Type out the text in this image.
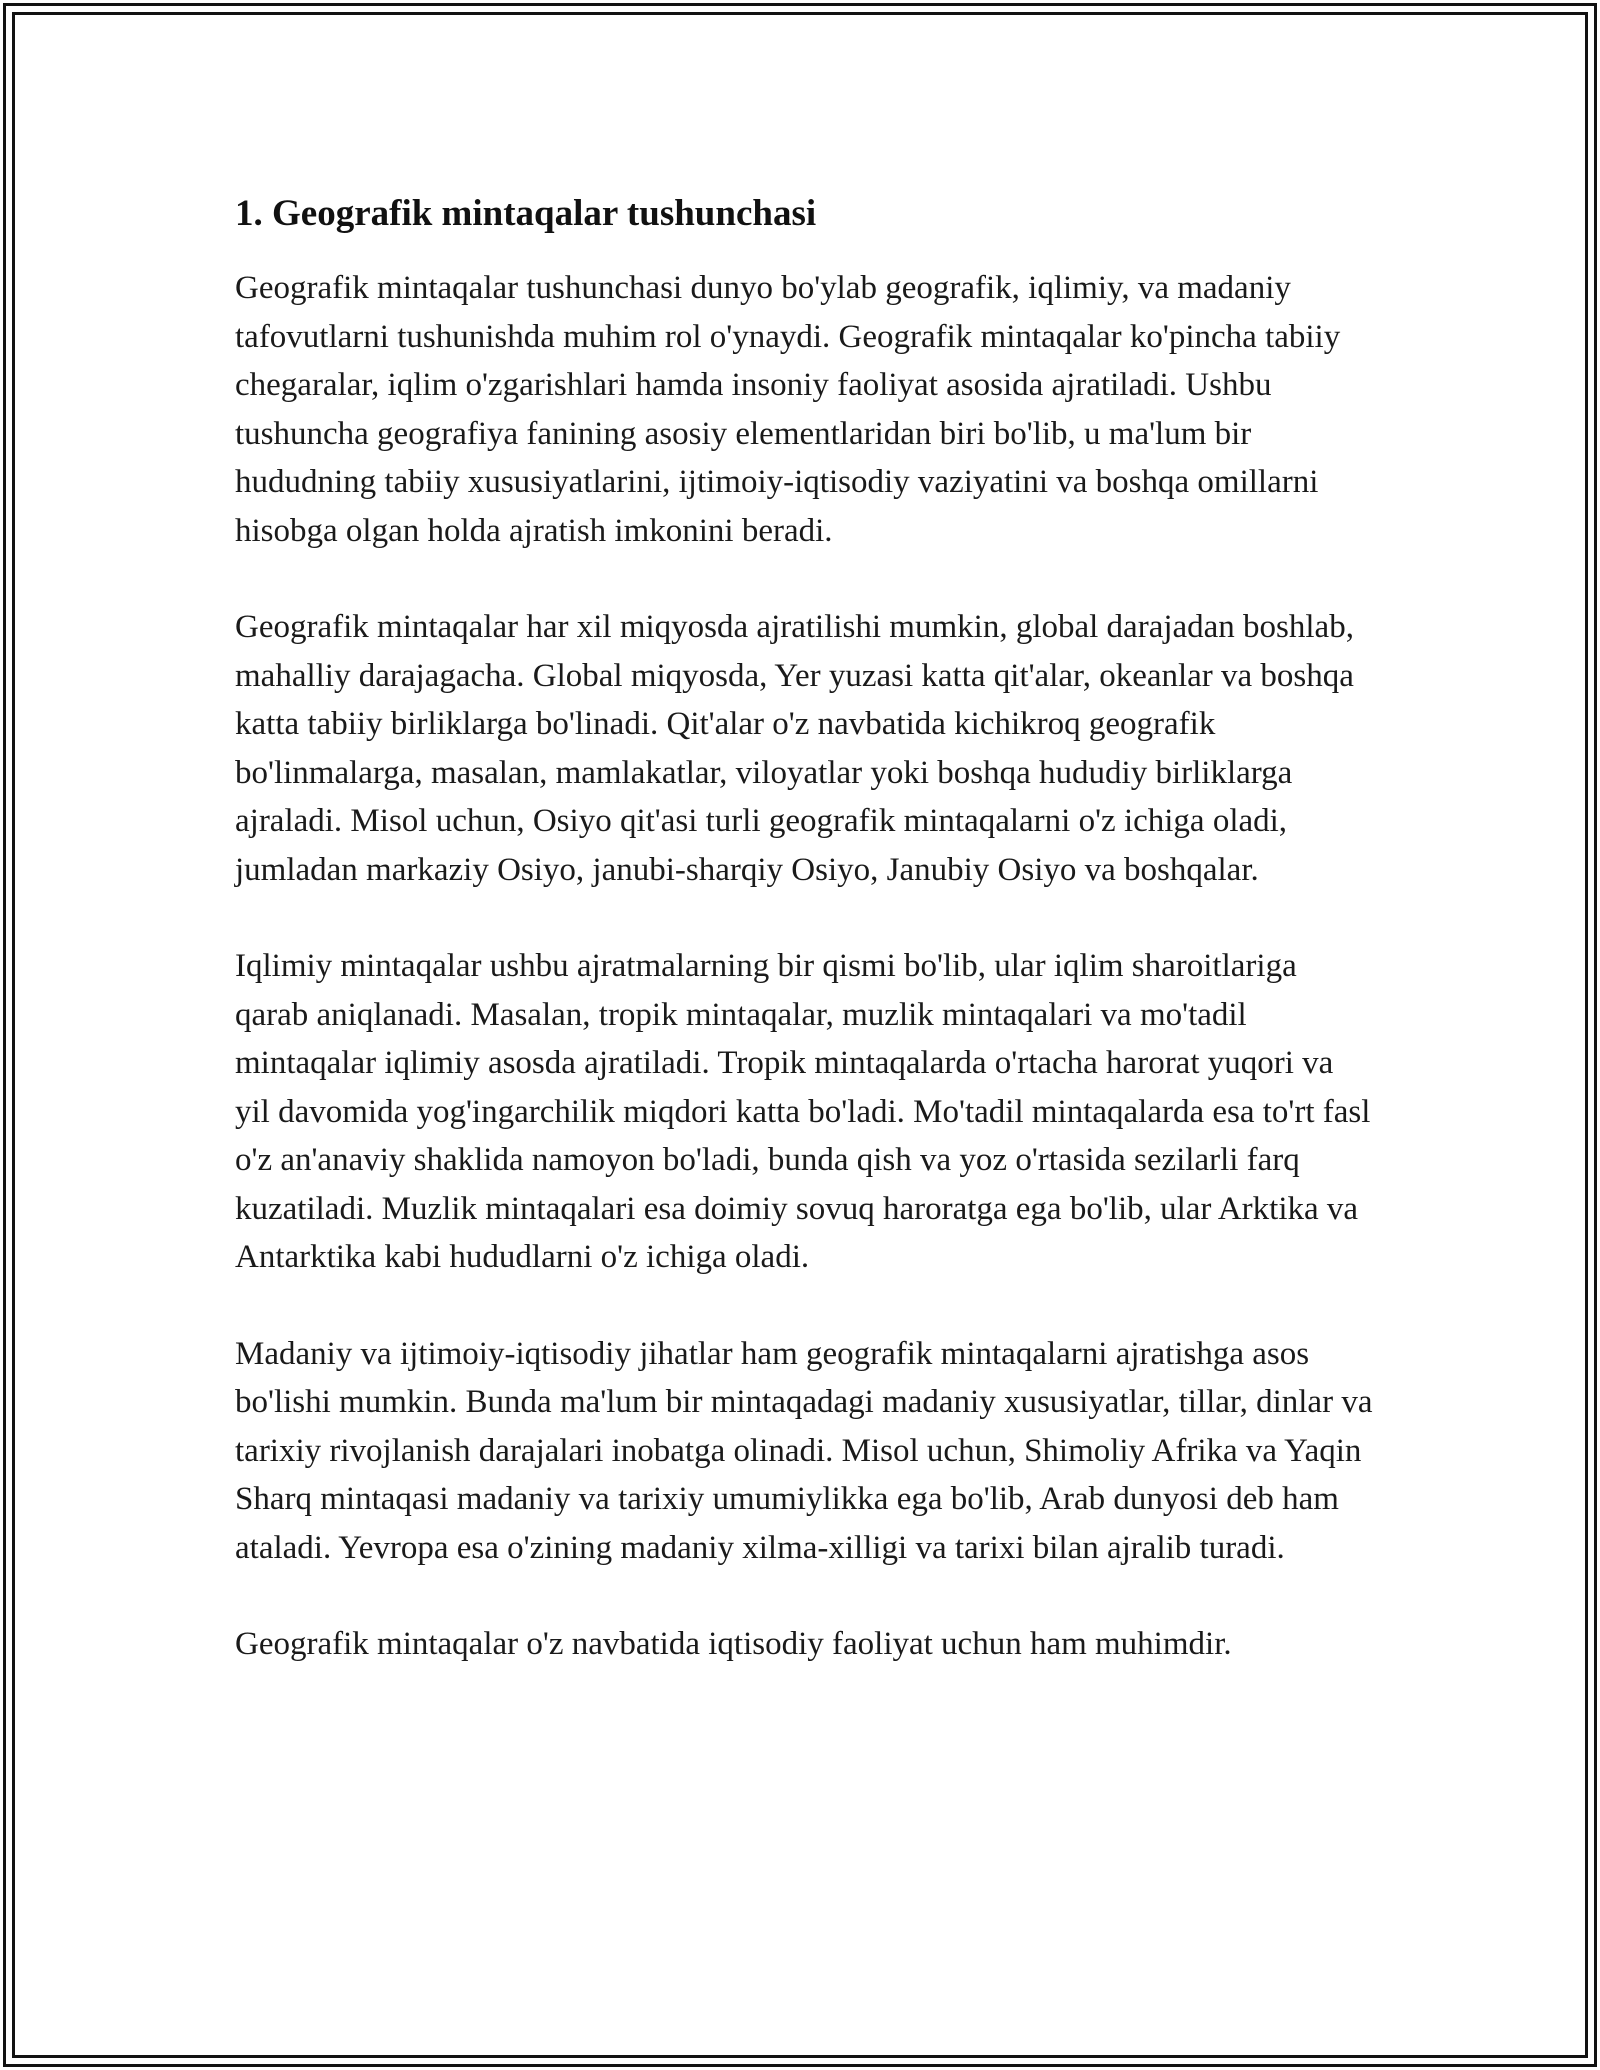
1. Geografik mintaqalar tushunchasi

Geografik mintaqalar tushunchasi dunyo bo'ylab geografik, iqlimiy, va madaniy tafovutlarni tushunishda muhim rol o'ynaydi. Geografik mintaqalar ko'pincha tabiiy chegaralar, iqlim o'zgarishlari hamda insoniy faoliyat asosida ajratiladi. Ushbu tushuncha geografiya fanining asosiy elementlaridan biri bo'lib, u ma'lum bir hududning tabiiy xususiyatlarini, ijtimoiy-iqtisodiy vaziyatini va boshqa omillarni hisobga olgan holda ajratish imkonini beradi.

Geografik mintaqalar har xil miqyosda ajratilishi mumkin, global darajadan boshlab, mahalliy darajagacha. Global miqyosda, Yer yuzasi katta qit'alar, okeanlar va boshqa katta tabiiy birliklarga bo'linadi. Qit'alar o'z navbatida kichikroq geografik bo'linmalarga, masalan, mamlakatlar, viloyatlar yoki boshqa hududiy birliklarga ajraladi. Misol uchun, Osiyo qit'asi turli geografik mintaqalarni o'z ichiga oladi, jumladan markaziy Osiyo, janubi-sharqiy Osiyo, Janubiy Osiyo va boshqalar.

Iqlimiy mintaqalar ushbu ajratmalarning bir qismi bo'lib, ular iqlim sharoitlariga qarab aniqlanadi. Masalan, tropik mintaqalar, muzlik mintaqalari va mo'tadil mintaqalar iqlimiy asosda ajratiladi. Tropik mintaqalarda o'rtacha harorat yuqori va yil davomida yog'ingarchilik miqdori katta bo'ladi. Mo'tadil mintaqalarda esa to'rt fasl o'z an'anaviy shaklida namoyon bo'ladi, bunda qish va yoz o'rtasida sezilarli farq kuzatiladi. Muzlik mintaqalari esa doimiy sovuq haroratga ega bo'lib, ular Arktika va Antarktika kabi hududlarni o'z ichiga oladi.

Madaniy va ijtimoiy-iqtisodiy jihatlar ham geografik mintaqalarni ajratishga asos bo'lishi mumkin. Bunda ma'lum bir mintaqadagi madaniy xususiyatlar, tillar, dinlar va tarixiy rivojlanish darajalari inobatga olinadi. Misol uchun, Shimoliy Afrika va Yaqin Sharq mintaqasi madaniy va tarixiy umumiylikka ega bo'lib, Arab dunyosi deb ham ataladi. Yevropa esa o'zining madaniy xilma-xilligi va tarixi bilan ajralib turadi.

Geografik mintaqalar o'z navbatida iqtisodiy faoliyat uchun ham muhimdir.
